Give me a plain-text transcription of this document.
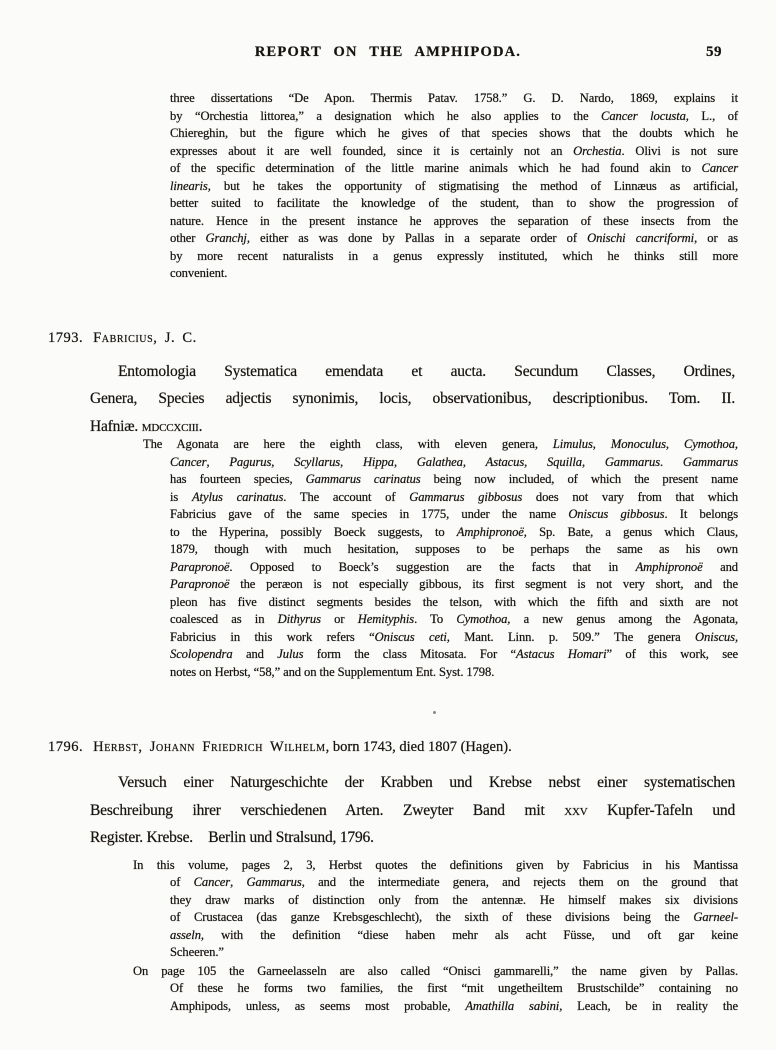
REPORT ON THE AMPHIPODA.	59
three dissertations “De Apon. Thermis Patav. 1758.” G. D. Nardo, 1869, explains it
by “Orchestia littorea,” a designation which he also applies to the Cancer locusta, L., of
Chiereghin, but the figure which he gives of that species shows that the doubts which he
expresses about it are well founded, since it is certainly not an Orchestia. Olivi is not sure
of the specific determination of the little marine animals which he had found akin to Cancer
linearis, but he takes the opportunity of stigmatising the method of Linnæus as artificial,
better suited to facilitate the knowledge of the student, than to show the progression of
nature. Hence in the present instance he approves the separation of these insects from the
other Granchj, either as was done by Pallas in a separate order of Onischi cancriformi, or as
by more recent naturalists in a genus expressly instituted, which he thinks still more
convenient.
1793. Fabricius, J. C.
Entomologia Systematica emendata et aucta. Secundum Classes, Ordines,
Genera, Species adjectis synonimis, locis, observationibus, descriptionibus. Tom. II.
Hafniæ. mdccxciii.
The Agonata are here the eighth class, with eleven genera, Limulus, Monoculus, Cymothoa,
Cancer, Pagurus, Scyllarus, Hippa, Galathea, Astacus, Squilla, Gammarus. Gammarus
has fourteen species, Gammarus carinatus being now included, of which the present name
is Atylus carinatus. The account of Gammarus gibbosus does not vary from that which
Fabricius gave of the same species in 1775, under the name Oniscus gibbosus. It belongs
to the Hyperina, possibly Boeck suggests, to Amphipronoë, Sp. Bate, a genus which Claus,
1879, though with much hesitation, supposes to be perhaps the same as his own
Parapronoë. Opposed to Boeck’s suggestion are the facts that in Amphipronoë and
Parapronoë the peræon is not especially gibbous, its first segment is not very short, and the
pleon has five distinct segments besides the telson, with which the fifth and sixth are not
coalesced as in Dithyrus or Hemityphis. To Cymothoa, a new genus among the Agonata,
Fabricius in this work refers “Oniscus ceti, Mant. Linn. p. 509.” The genera Oniscus,
Scolopendra and Julus form the class Mitosata. For “Astacus Homari” of this work, see
notes on Herbst, “58,” and on the Supplementum Ent. Syst. 1798.
1796. Herbst, Johann Friedrich Wilhelm, born 1743, died 1807 (Hagen).
Versuch einer Naturgeschichte der Krabben und Krebse nebst einer systematischen
Beschreibung ihrer verschiedenen Arten. Zweyter Band mit xxv Kupfer-Tafeln und
Register. Krebse. Berlin und Stralsund, 1796.
In this volume, pages 2, 3, Herbst quotes the definitions given by Fabricius in his Mantissa
of Cancer, Gammarus, and the intermediate genera, and rejects them on the ground that
they draw marks of distinction only from the antennæ. He himself makes six divisions
of Crustacea (das ganze Krebsgeschlecht), the sixth of these divisions being the Garneel-
asseln, with the definition “diese haben mehr als acht Füsse, und oft gar keine
Scheeren.”
On page 105 the Garneelasseln are also called “Onisci gammarelli,” the name given by Pallas.
Of these he forms two families, the first “mit ungetheiltem Brustschilde” containing no
Amphipods, unless, as seems most probable, Amathilla sabini, Leach, be in reality the
